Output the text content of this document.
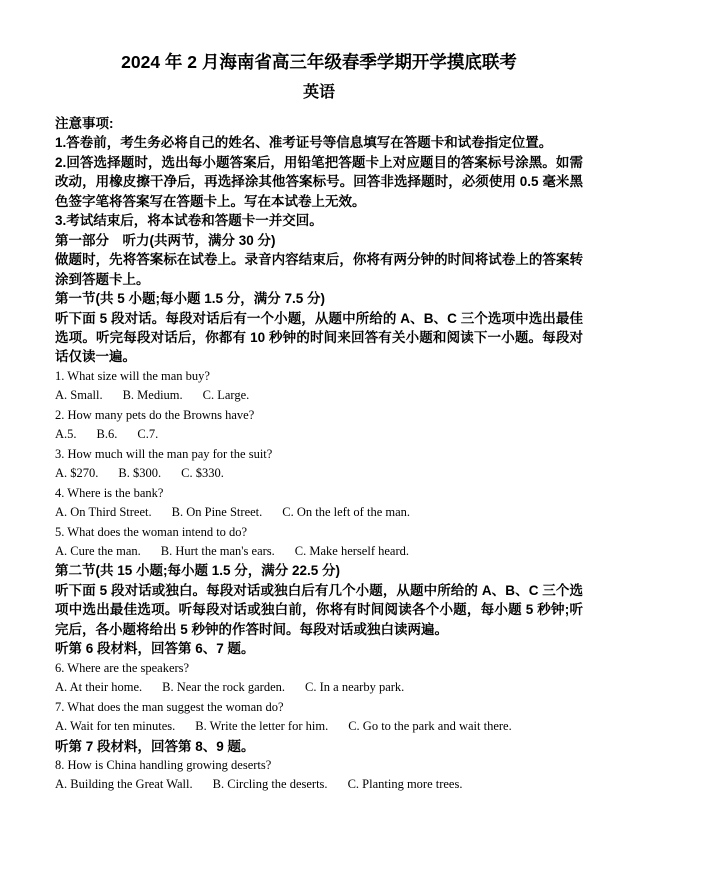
2024 年 2 月海南省高三年级春季学期开学摸底联考
英语
注意事项:

1.答卷前，考生务必将自己的姓名、准考证号等信息填写在答题卡和试卷指定位置。

2.回答选择题时，选出每小题答案后，用铅笔把答题卡上对应题目的答案标号涂黑。如需改动，用橡皮擦干净后，再选择涂其他答案标号。回答非选择题时，必须使用 0.5 毫米黑色签字笔将答案写在答题卡上。写在本试卷上无效。

3.考试结束后，将本试卷和答题卡一并交回。

第一部分　听力(共两节，满分 30 分)

做题时，先将答案标在试卷上。录音内容结束后，你将有两分钟的时间将试卷上的答案转涂到答题卡上。

第一节(共 5 小题;每小题 1.5 分，满分 7.5 分)

听下面 5 段对话。每段对话后有一个小题，从题中所给的 A、B、C 三个选项中选出最佳选项。听完每段对话后，你都有 10 秒钟的时间来回答有关小题和阅读下一小题。每段对话仅读一遍。

1. What size will the man buy?
A. Small. B. Medium. C. Large.
2. How many pets do the Browns have?
A.5. B.6. C.7.
3. How much will the man pay for the suit?
A. $270. B. $300. C. $330.
4. Where is the bank?
A. On Third Street. B. On Pine Street. C. On the left of the man.
5. What does the woman intend to do?
A. Cure the man. B. Hurt the man's ears. C. Make herself heard.
第二节(共 15 小题;每小题 1.5 分，满分 22.5 分)

听下面 5 段对话或独白。每段对话或独白后有几个小题，从题中所给的 A、B、C 三个选项中选出最佳选项。听每段对话或独白前，你将有时间阅读各个小题，每小题 5 秒钟;听完后，各小题将给出 5 秒钟的作答时间。每段对话或独白读两遍。

听第 6 段材料，回答第 6、7 题。
6. Where are the speakers?
A. At their home. B. Near the rock garden. C. In a nearby park.
7. What does the man suggest the woman do?
A. Wait for ten minutes. B. Write the letter for him. C. Go to the park and wait there.
听第 7 段材料，回答第 8、9 题。
8. How is China handling growing deserts?
A. Building the Great Wall. B. Circling the deserts. C. Planting more trees.
